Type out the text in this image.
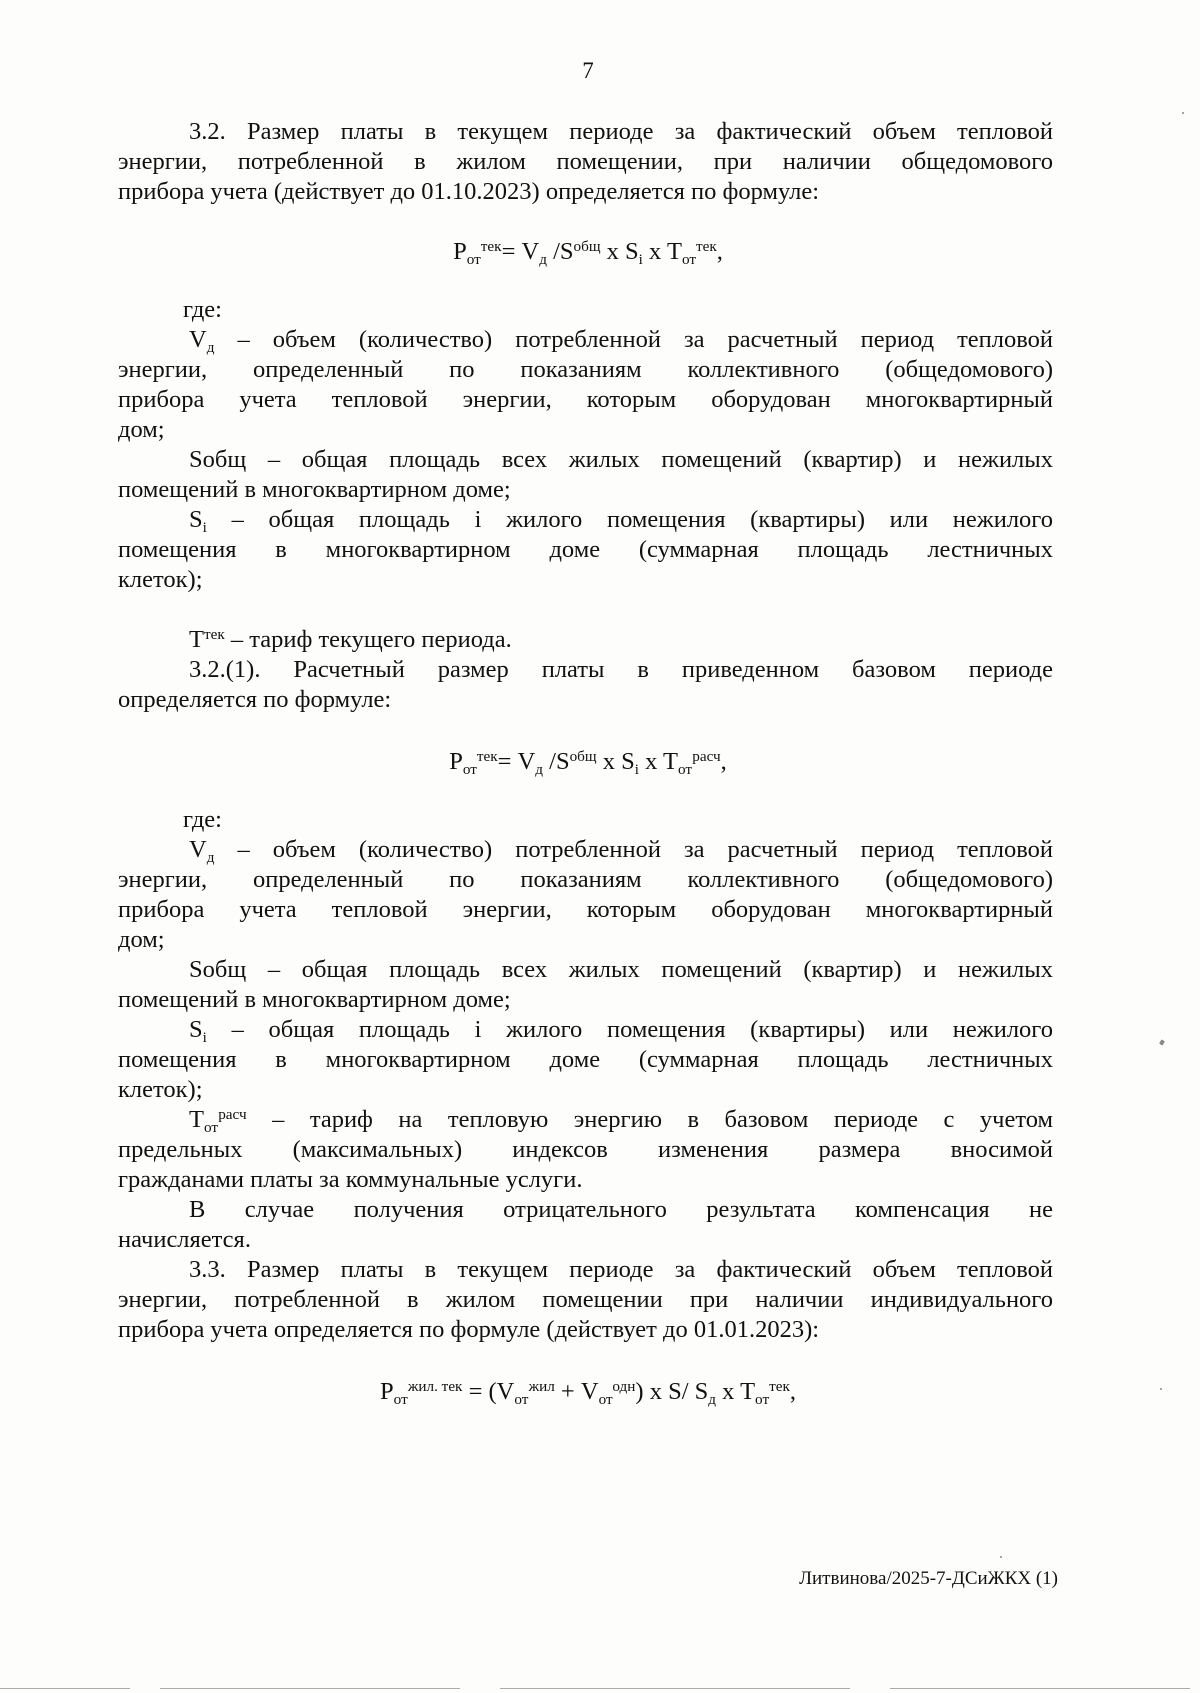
7
3.2. Размер платы в текущем периоде за фактический объем тепловой
энергии, потребленной в жилом помещении, при наличии общедомового
прибора учета (действует до 01.10.2023) определяется по формуле:
$P_{от}^{тек}= V_д$ $/S^{общ}$ x $S_i$ x $T_{от}^{тек}$,
где:
$V_д$ – объем (количество) потребленной за расчетный период тепловой
энергии, определенный по показаниям коллективного (общедомового)
прибора учета тепловой энергии, которым оборудован многоквартирный
дом;
Sобщ – общая площадь всех жилых помещений (квартир) и нежилых
помещений в многоквартирном доме;
$S_i$ – общая площадь i жилого помещения (квартиры) или нежилого
помещения в многоквартирном доме (суммарная площадь лестничных
клеток);
$T^{тек}$ – тариф текущего периода.
3.2.(1). Расчетный размер платы в приведенном базовом периоде
определяется по формуле:
$P_{от}^{тек}= V_д$ $/S^{общ}$ x $S_i$ x $T_{от}^{расч}$,
где:
$V_д$ – объем (количество) потребленной за расчетный период тепловой
энергии, определенный по показаниям коллективного (общедомового)
прибора учета тепловой энергии, которым оборудован многоквартирный
дом;
Sобщ – общая площадь всех жилых помещений (квартир) и нежилых
помещений в многоквартирном доме;
$S_i$ – общая площадь i жилого помещения (квартиры) или нежилого
помещения в многоквартирном доме (суммарная площадь лестничных
клеток);
$T_{от}^{расч}$ – тариф на тепловую энергию в базовом периоде с учетом
предельных (максимальных) индексов изменения размера вносимой
гражданами платы за коммунальные услуги.
В случае получения отрицательного результата компенсация не
начисляется.
3.3. Размер платы в текущем периоде за фактический объем тепловой
энергии, потребленной в жилом помещении при наличии индивидуального
прибора учета определяется по формуле (действует до 01.01.2023):
$P_{от}^{жил. тек} = (V_{от}^{жил} + V_{от}^{одн})$ x S/ $S_д$ x $T_{от}^{тек}$,
Литвинова/2025-7-ДСиЖКХ (1)
